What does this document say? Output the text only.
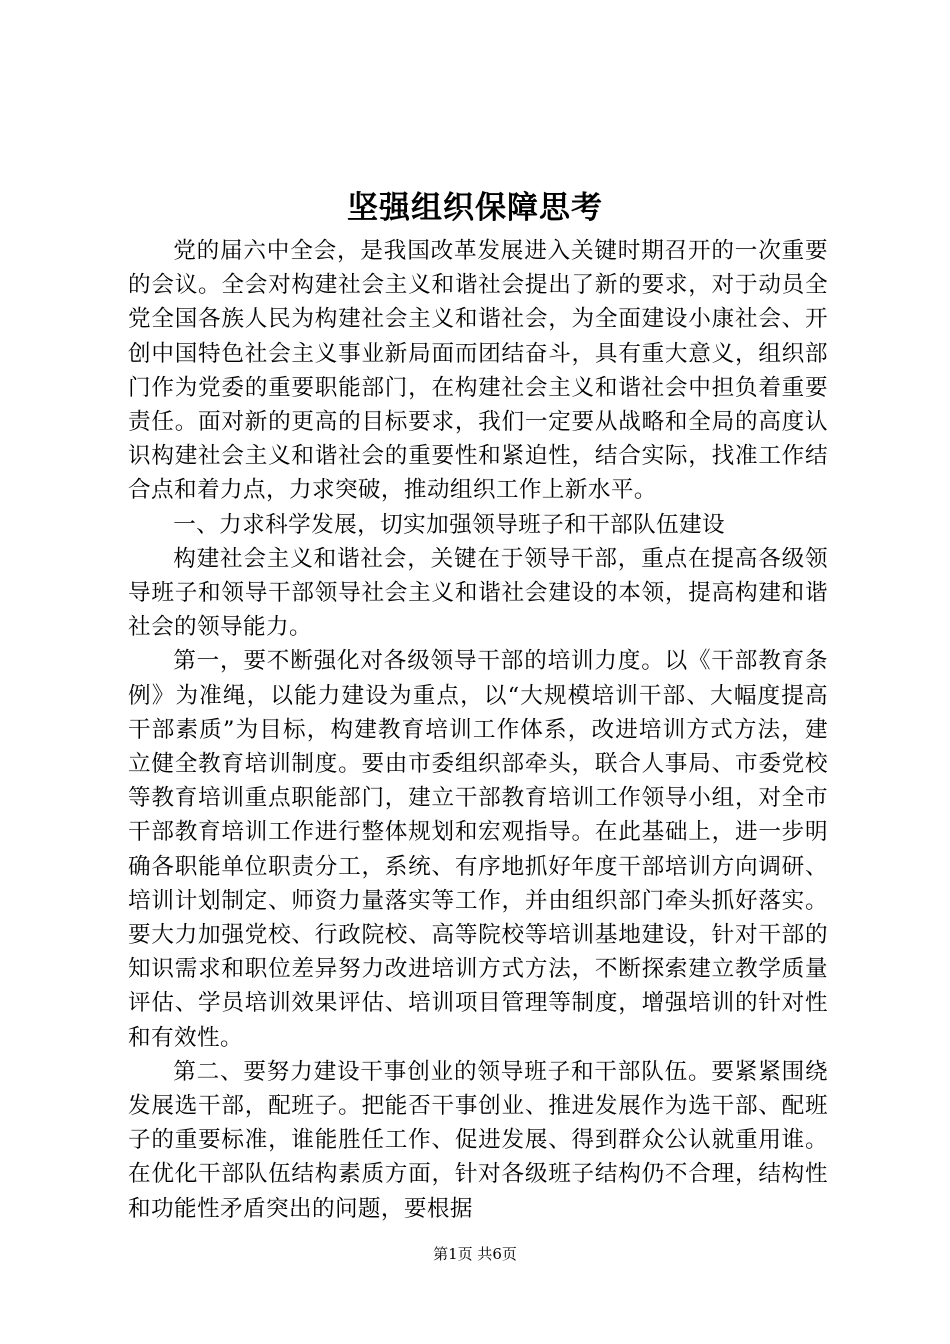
坚强组织保障思考

党的届六中全会，是我国改革发展进入关键时期召开的一次重要的会议。全会对构建社会主义和谐社会提出了新的要求，对于动员全党全国各族人民为构建社会主义和谐社会，为全面建设小康社会、开创中国特色社会主义事业新局面而团结奋斗，具有重大意义，组织部门作为党委的重要职能部门，在构建社会主义和谐社会中担负着重要责任。面对新的更高的目标要求，我们一定要从战略和全局的高度认识构建社会主义和谐社会的重要性和紧迫性，结合实际，找准工作结合点和着力点，力求突破，推动组织工作上新水平。

一、力求科学发展，切实加强领导班子和干部队伍建设

构建社会主义和谐社会，关键在于领导干部，重点在提高各级领导班子和领导干部领导社会主义和谐社会建设的本领，提高构建和谐社会的领导能力。

第一，要不断强化对各级领导干部的培训力度。以《干部教育条例》为准绳，以能力建设为重点，以“大规模培训干部、大幅度提高干部素质”为目标，构建教育培训工作体系，改进培训方式方法，建立健全教育培训制度。要由市委组织部牵头，联合人事局、市委党校等教育培训重点职能部门，建立干部教育培训工作领导小组，对全市干部教育培训工作进行整体规划和宏观指导。在此基础上，进一步明确各职能单位职责分工，系统、有序地抓好年度干部培训方向调研、培训计划制定、师资力量落实等工作，并由组织部门牵头抓好落实。要大力加强党校、行政院校、高等院校等培训基地建设，针对干部的知识需求和职位差异努力改进培训方式方法，不断探索建立教学质量评估、学员培训效果评估、培训项目管理等制度，增强培训的针对性和有效性。

第二、要努力建设干事创业的领导班子和干部队伍。要紧紧围绕发展选干部，配班子。把能否干事创业、推进发展作为选干部、配班子的重要标准，谁能胜任工作、促进发展、得到群众公认就重用谁。在优化干部队伍结构素质方面，针对各级班子结构仍不合理，结构性和功能性矛盾突出的问题，要根据

第1页 共6页
